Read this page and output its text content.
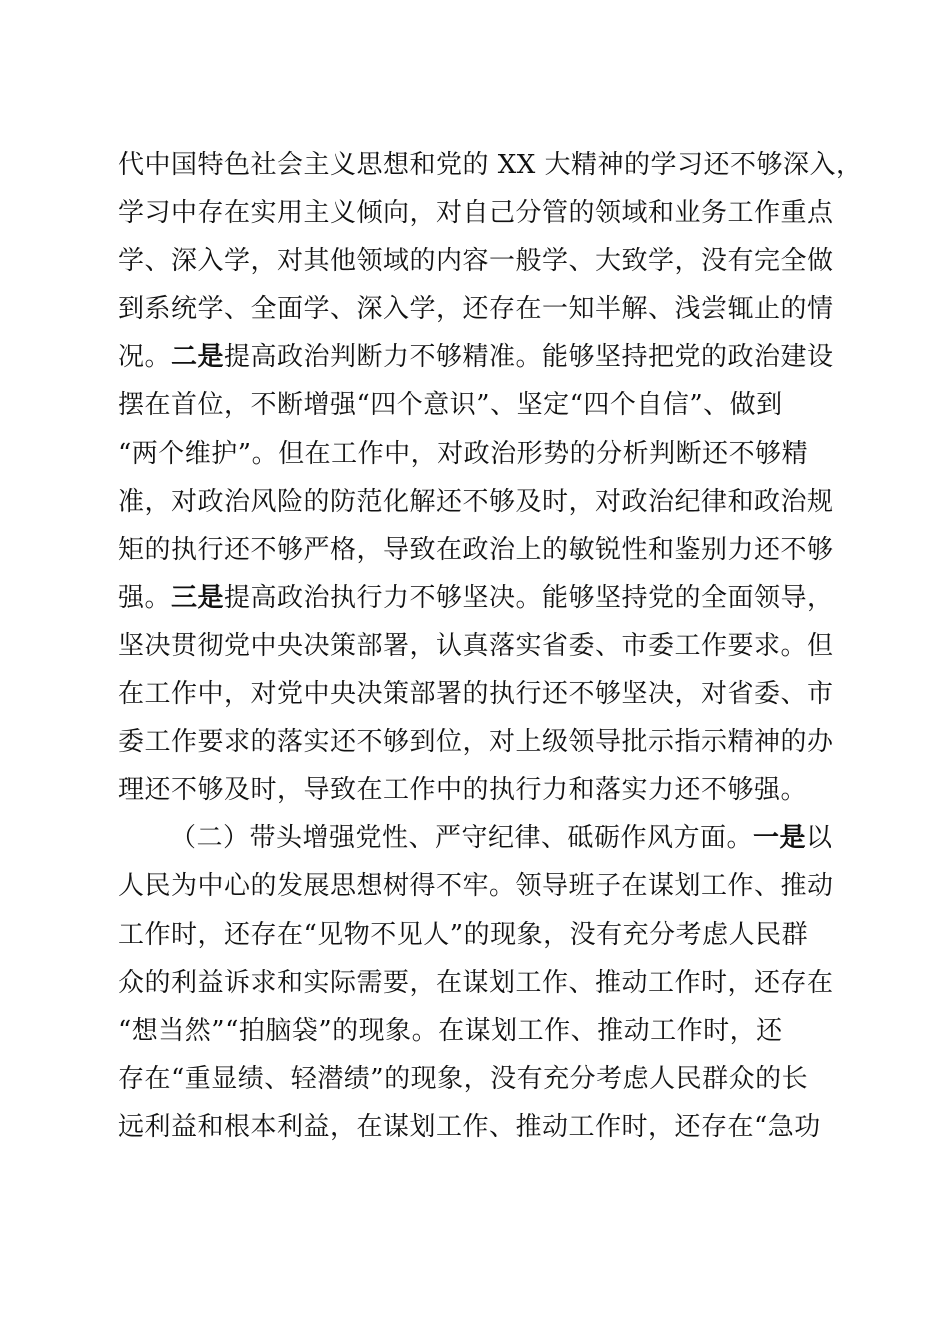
代中国特色社会主义思想和党的 XX 大精神的学习还不够深入，
学习中存在实用主义倾向，对自己分管的领域和业务工作重点
学、深入学，对其他领域的内容一般学、大致学，没有完全做
到系统学、全面学、深入学，还存在一知半解、浅尝辄止的情
况。二是提高政治判断力不够精准。能够坚持把党的政治建设
摆在首位，不断增强“四个意识”、坚定“四个自信”、做到
“两个维护”。但在工作中，对政治形势的分析判断还不够精
准，对政治风险的防范化解还不够及时，对政治纪律和政治规
矩的执行还不够严格，导致在政治上的敏锐性和鉴别力还不够
强。三是提高政治执行力不够坚决。能够坚持党的全面领导，
坚决贯彻党中央决策部署，认真落实省委、市委工作要求。但
在工作中，对党中央决策部署的执行还不够坚决，对省委、市
委工作要求的落实还不够到位，对上级领导批示指示精神的办
理还不够及时，导致在工作中的执行力和落实力还不够强。
（二）带头增强党性、严守纪律、砥砺作风方面。一是以
人民为中心的发展思想树得不牢。领导班子在谋划工作、推动
工作时，还存在“见物不见人”的现象，没有充分考虑人民群
众的利益诉求和实际需要，在谋划工作、推动工作时，还存在
“想当然”“拍脑袋”的现象。在谋划工作、推动工作时，还
存在“重显绩、轻潜绩”的现象，没有充分考虑人民群众的长
远利益和根本利益，在谋划工作、推动工作时，还存在“急功
